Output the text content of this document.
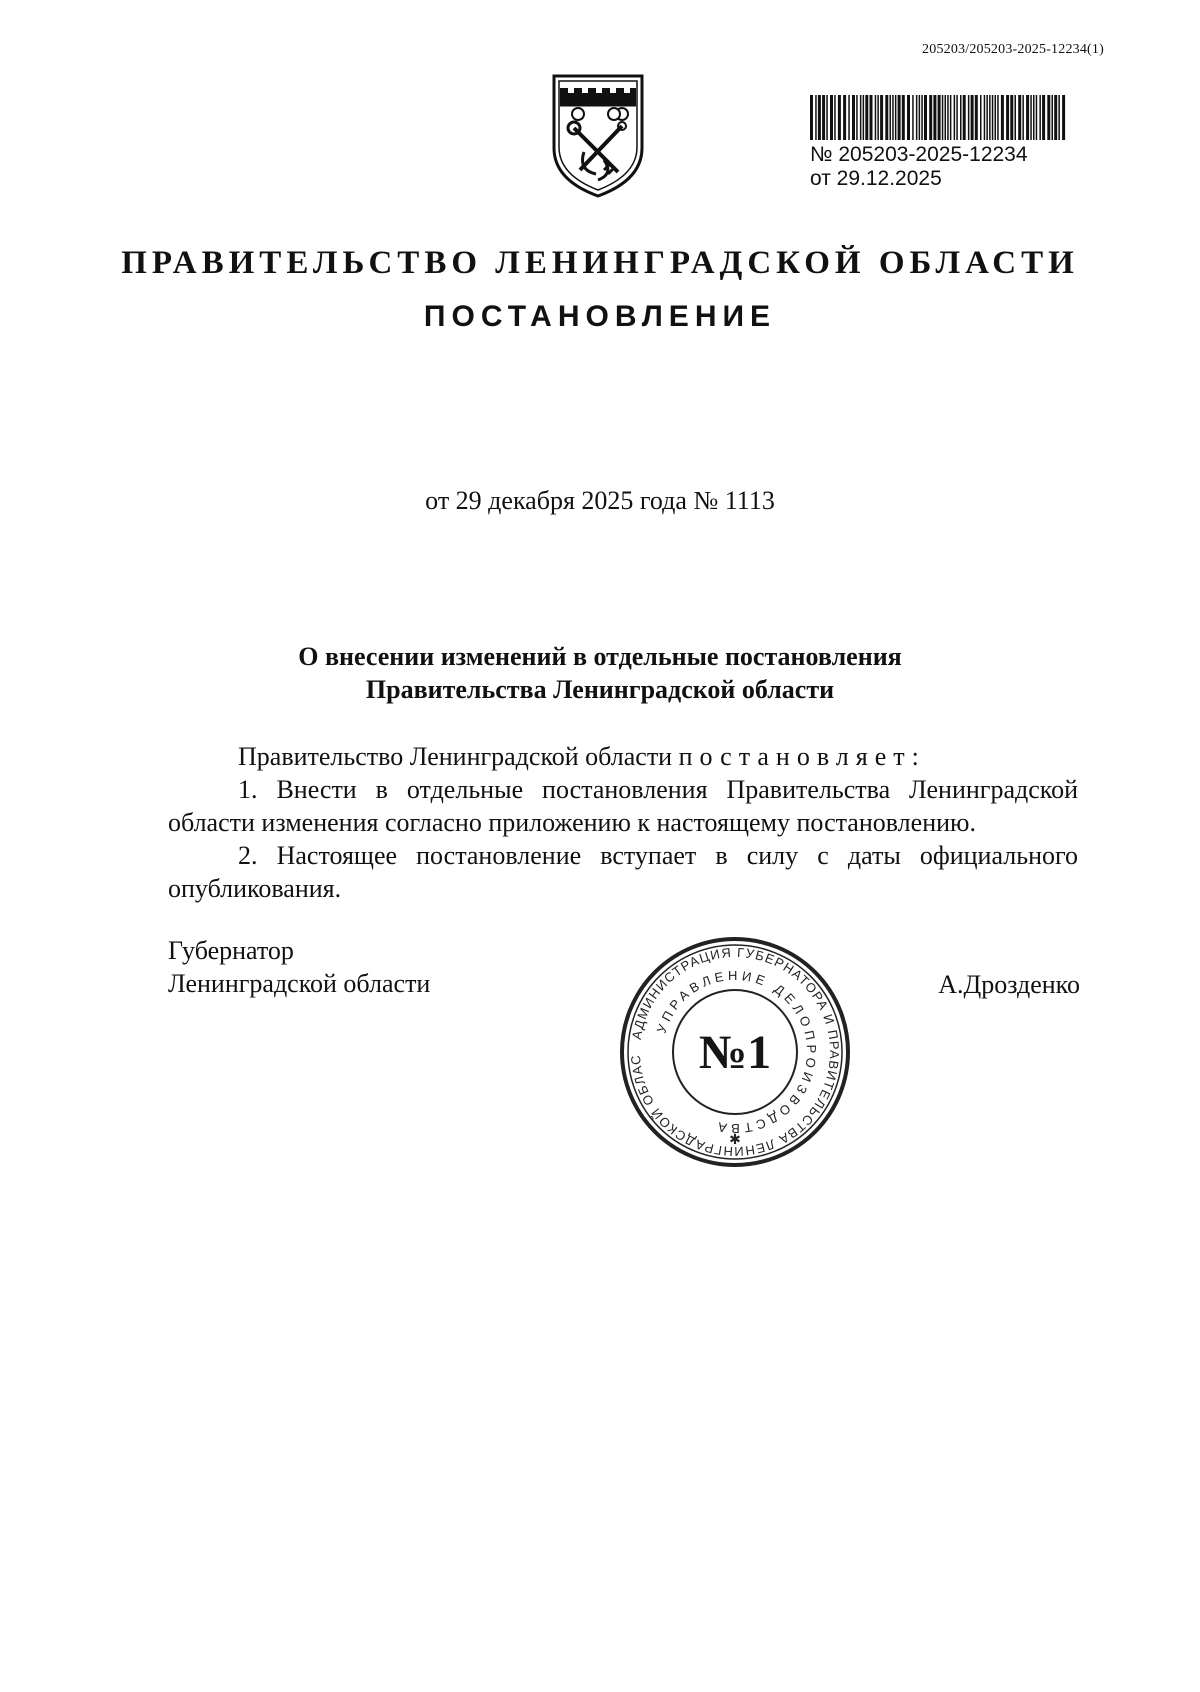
205203/205203-2025-12234(1)
№ 205203-2025-12234
от 29.12.2025
ПРАВИТЕЛЬСТВО ЛЕНИНГРАДСКОЙ ОБЛАСТИ
ПОСТАНОВЛЕНИЕ
от 29 декабря 2025 года № 1113
О внесении изменений в отдельные постановления
Правительства Ленинградской области

Правительство Ленинградской области постановляет:

1. Внести в отдельные постановления Правительства Ленинградской области изменения согласно приложению к настоящему постановлению.

2. Настоящее постановление вступает в силу с даты официального опубликования.

Губернатор
Ленинградской области	А.Дрозденко
АДМИНИСТРАЦИЯ ГУБЕРНАТОРА И ПРАВИТЕЛЬСТВА ЛЕНИНГРАДСКОЙ ОБЛАС
УПРАВЛЕНИЕ ДЕЛОПРОИЗВОДСТВА
✱
№1
